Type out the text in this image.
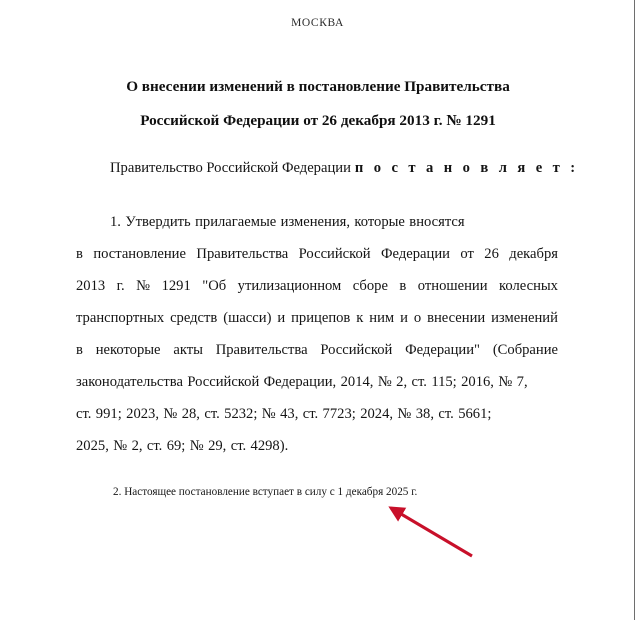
МОСКВА
О внесении изменений в постановление Правительства
Российской Федерации от 26 декабря 2013 г. № 1291
Правительство Российской Федерации п о с т а н о в л я е т :
1. Утвердить прилагаемые изменения, которые вносятся
в постановление Правительства Российской Федерации от 26 декабря
2013 г. № 1291 "Об утилизационном сборе в отношении колесных
транспортных средств (шасси) и прицепов к ним и о внесении изменений
в некоторые акты Правительства Российской Федерации" (Собрание
законодательства Российской Федерации, 2014, № 2, ст. 115; 2016, № 7,
ст. 991; 2023, № 28, ст. 5232; № 43, ст. 7723; 2024, № 38, ст. 5661;
2025, № 2, ст. 69; № 29, ст. 4298).
2. Настоящее постановление вступает в силу с 1 декабря 2025 г.
